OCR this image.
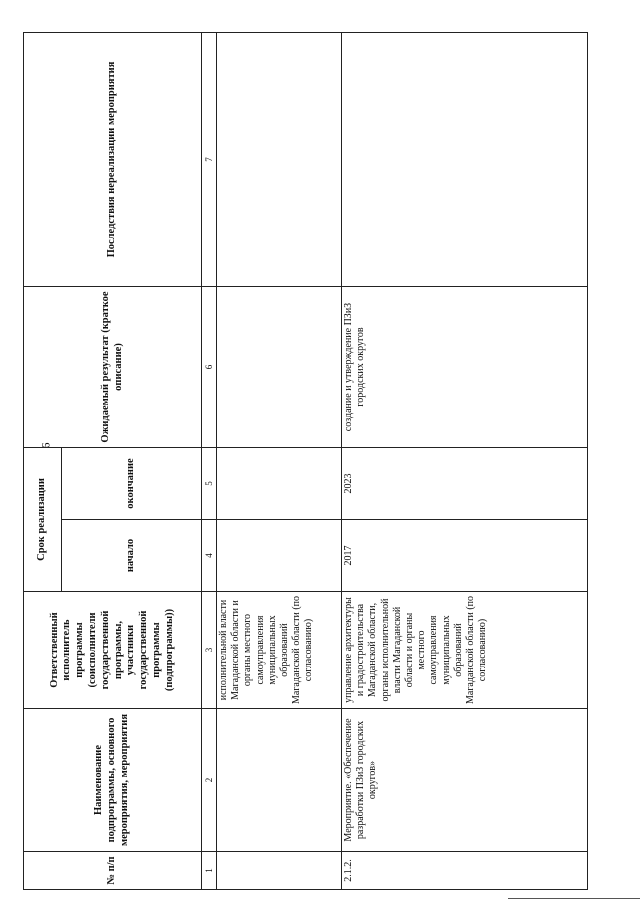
6
№ п/п	Наименование подпрограммы, основного мероприятия, мероприятия	Ответственный исполнитель программы (соисполнители государственной программы, участники государственной программы (подпрограммы))	Срок реализации		Ожидаемый результат (краткое описание)	Последствия нереализации мероприятия
			начало	окончание		
1	2	3	4	5	6	7
		исполнительной власти Магаданской области и органы местного самоуправления муниципальных образований Магаданской области (по согласованию)				
2.1.2.	Мероприятие. «Обеспечение разработки ПЗиЗ городских округов»	управление архитектуры и градостроительства Магаданской области, органы исполнительной власти Магаданской области и органы местного самоуправления муниципальных образований Магаданской области (по согласованию)	2017	2023	создание и утверждение ПЗиЗ городских округов	
